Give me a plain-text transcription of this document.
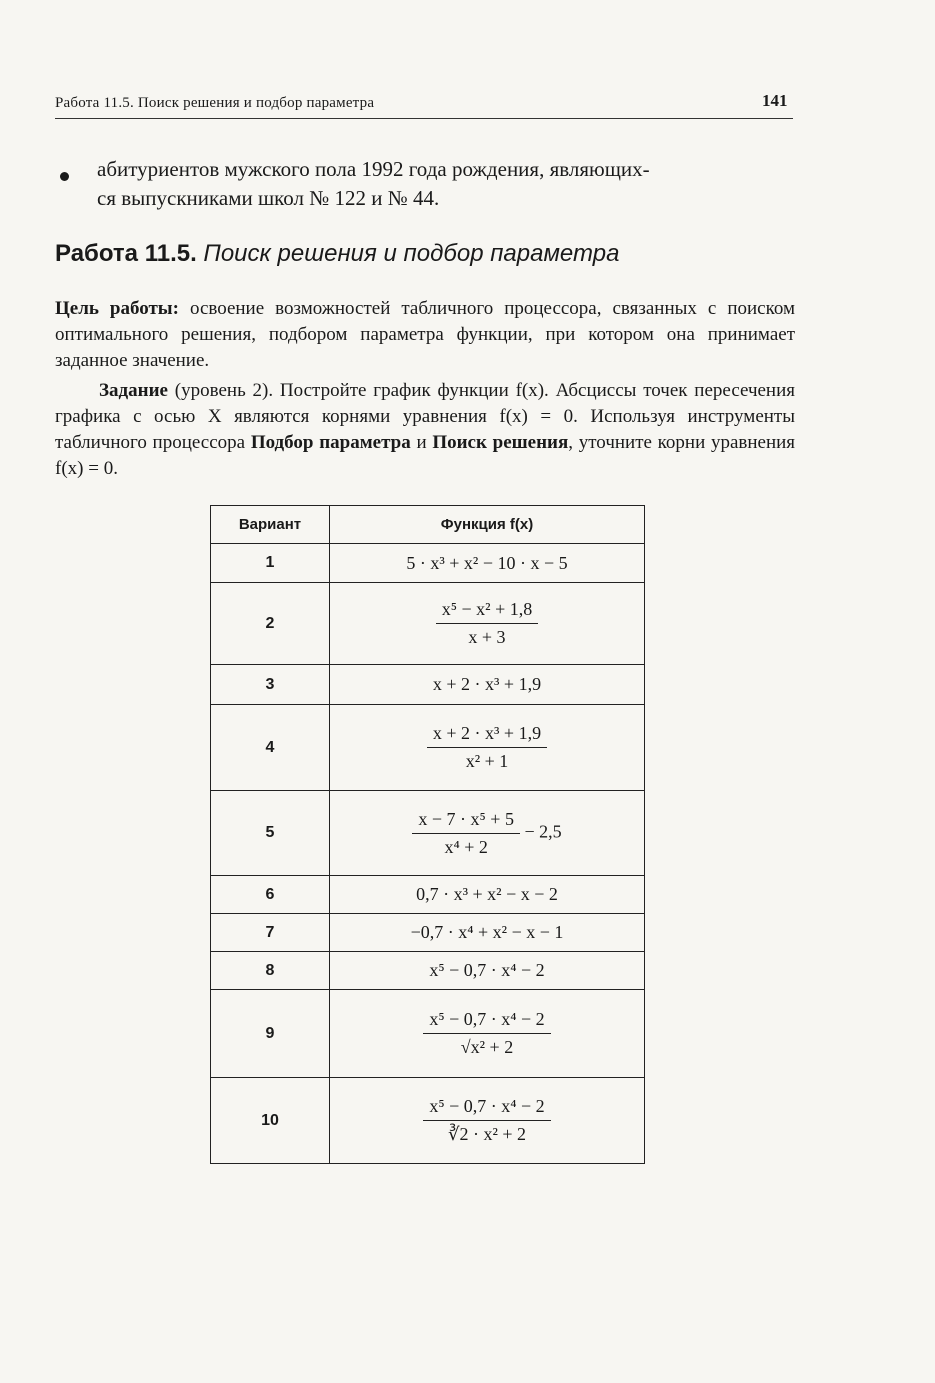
Работа 11.5. Поиск решения и подбор параметра	141
абитуриентов мужского пола 1992 года рождения, являющих-
ся выпускниками школ № 122 и № 44.
Работа 11.5. Поиск решения и подбор параметра
Цель работы: освоение возможностей табличного процессора, связанных с поиском оптимального решения, подбором параметра функции, при котором она принимает заданное значение.
Задание (уровень 2). Постройте график функции f(x). Абсциссы точек пересечения графика с осью X являются корнями уравнения f(x) = 0. Используя инструменты табличного процессора Подбор параметра и Поиск решения, уточните корни уравнения f(x) = 0.
Вариант	Функция f(x)
1	5 · x³ + x² − 10 · x − 5
2	$\frac{\text{x⁵ − x² + 1,8}}{x + 3}$

3	x + 2 · x³ + 1,9
4	$\frac{\text{x + 2 · x³ + 1,9}}{\text{x² + 1}}$

5	$\frac{\text{x − 7 · x⁵ + 5}}{\text{x⁴ + 2}} - 2,5$
6	0,7 · x³ + x² − x − 2
7	−0,7 · x⁴ + x² − x − 1
8	x⁵ − 0,7 · x⁴ − 2
9	$\frac{\text{x⁵ − 0,7 · x⁴ − 2}}{\text{√x² + 2}}$

10	$\frac{\text{x⁵ − 0,7 · x⁴ − 2}}{\text{∛2 · x² + 2}}$
